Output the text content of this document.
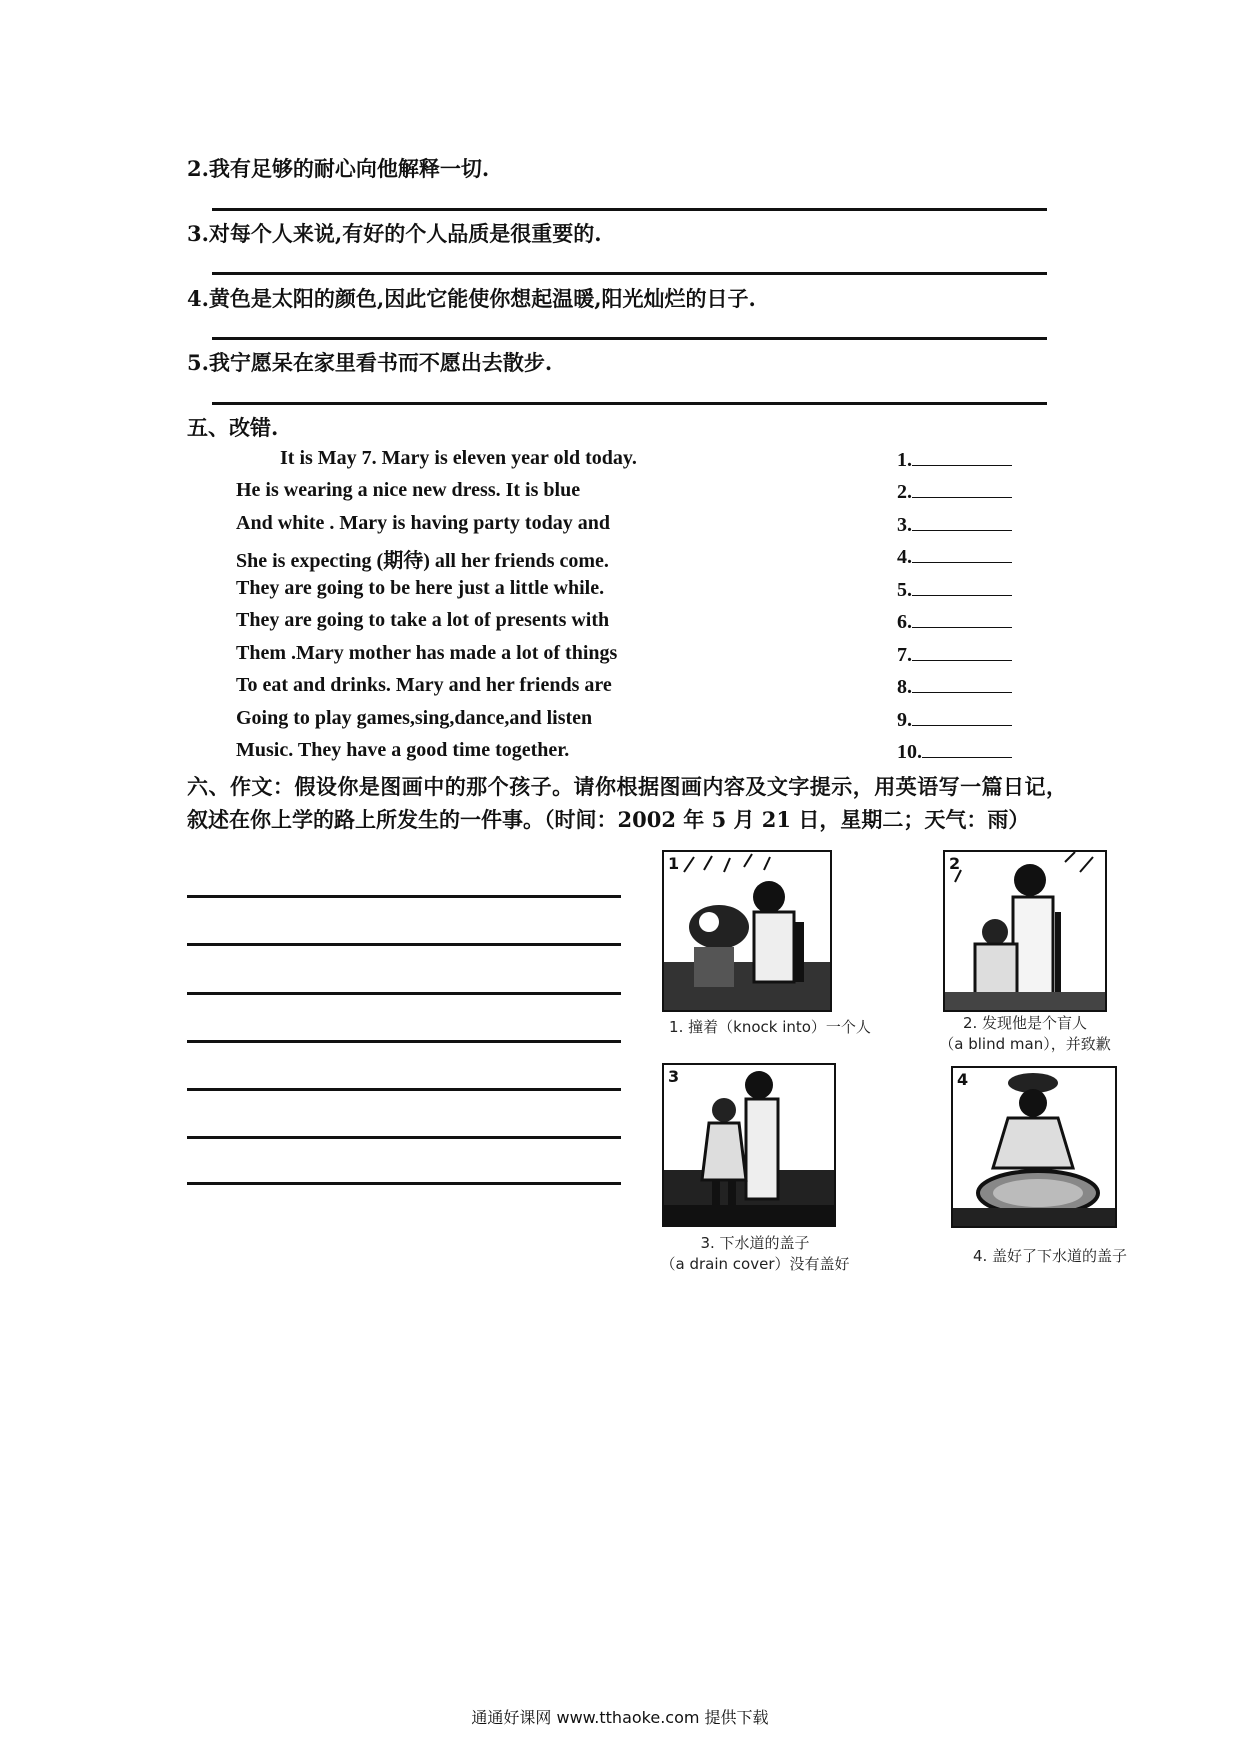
2.我有足够的耐心向他解释一切.
3.对每个人来说,有好的个人品质是很重要的.
4.黄色是太阳的颜色,因此它能使你想起温暖,阳光灿烂的日子.
5.我宁愿呆在家里看书而不愿出去散步.
五、改错.
It is May 7. Mary is eleven year old today.
He is wearing a nice new dress. It is blue
And white . Mary is having party today and
She is expecting (期待) all her friends come.
They are going to be here just a little while.
They are going to take a lot of presents with
Them .Mary mother has made a lot of things
To eat and drinks. Mary and her friends are
Going to play games,sing,dance,and listen
Music. They have a good time together.
1.
2.
3.
4.
5.
6.
7.
8.
9.
10.
六、作文：假设你是图画中的那个孩子。请你根据图画内容及文字提示，用英语写一篇日记，叙述在你上学的路上所发生的一件事。（时间：2002 年 5 月 21 日，星期二；天气：雨）
1
1. 撞着（knock into）一个人
2
2. 发现他是个盲人
（a blind man），并致歉
3
3. 下水道的盖子
（a drain cover）没有盖好
4
4. 盖好了下水道的盖子
通通好课网 www.tthaoke.com 提供下载
